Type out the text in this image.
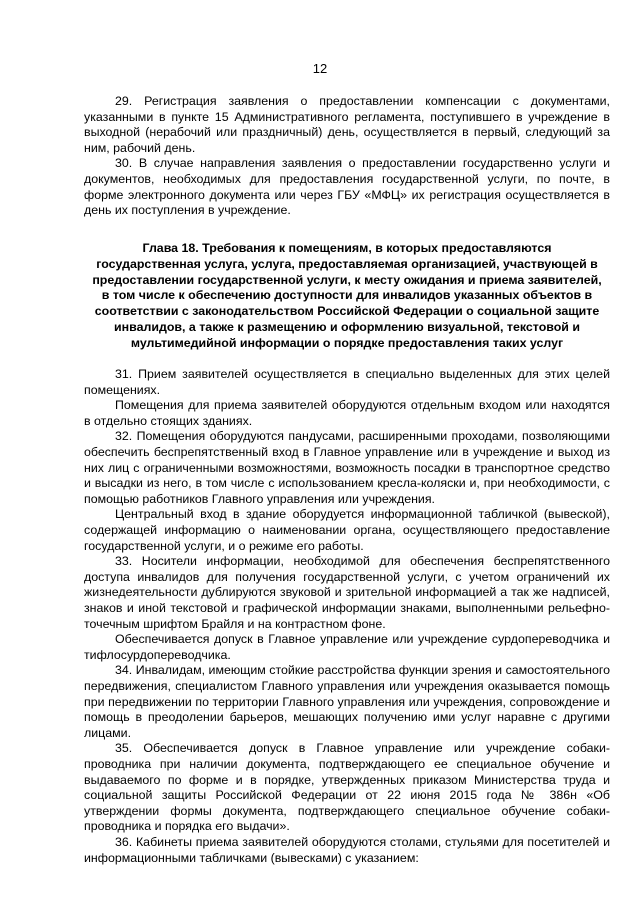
12

29. Регистрация заявления о предоставлении компенсации с документами, указанными в пункте 15 Административного регламента, поступившего в учреждение в выходной (нерабочий или праздничный) день, осуществляется в первый, следующий за ним, рабочий день.

30. В случае направления заявления о предоставлении государственно услуги и документов, необходимых для предоставления государственной услуги, по почте, в форме электронного документа или через ГБУ «МФЦ» их регистрация осуществляется в день их поступления в учреждение.

Глава 18. Требования к помещениям, в которых предоставляются государственная услуга, услуга, предоставляемая организацией, участвующей в предоставлении государственной услуги, к месту ожидания и приема заявителей, в том числе к обеспечению доступности для инвалидов указанных объектов в соответствии с законодательством Российской Федерации о социальной защите инвалидов, а также к размещению и оформлению визуальной, текстовой и мультимедийной информации о порядке предоставления таких услуг

31. Прием заявителей осуществляется в специально выделенных для этих целей помещениях.

Помещения для приема заявителей оборудуются отдельным входом или находятся в отдельно стоящих зданиях.

32. Помещения оборудуются пандусами, расширенными проходами, позволяющими обеспечить беспрепятственный вход в Главное управление или в учреждение и выход из них лиц с ограниченными возможностями, возможность посадки в транспортное средство и высадки из него, в том числе с использованием кресла-коляски и, при необходимости, с помощью работников Главного управления или учреждения.

Центральный вход в здание оборудуется информационной табличкой (вывеской), содержащей информацию о наименовании органа, осуществляющего предоставление государственной услуги, и о режиме его работы.

33. Носители информации, необходимой для обеспечения беспрепятственного доступа инвалидов для получения государственной услуги, с учетом ограничений их жизнедеятельности дублируются звуковой и зрительной информацией а так же надписей, знаков и иной текстовой и графической информации знаками, выполненными рельефно-точечным шрифтом Брайля и на контрастном фоне.

Обеспечивается допуск в Главное управление или учреждение сурдопереводчика и тифлосурдопереводчика.

34. Инвалидам, имеющим стойкие расстройства функции зрения и самостоятельного передвижения, специалистом Главного управления или учреждения оказывается помощь при передвижении по территории Главного управления или учреждения, сопровождение и помощь в преодолении барьеров, мешающих получению ими услуг наравне с другими лицами.

35. Обеспечивается допуск в Главное управление или учреждение собаки-проводника при наличии документа, подтверждающего ее специальное обучение и выдаваемого по форме и в порядке, утвержденных приказом Министерства труда и социальной защиты Российской Федерации от 22 июня 2015 года № 386н «Об утверждении формы документа, подтверждающего специальное обучение собаки-проводника и порядка его выдачи».

36. Кабинеты приема заявителей оборудуются столами, стульями для посетителей и информационными табличками (вывесками) с указанием:
